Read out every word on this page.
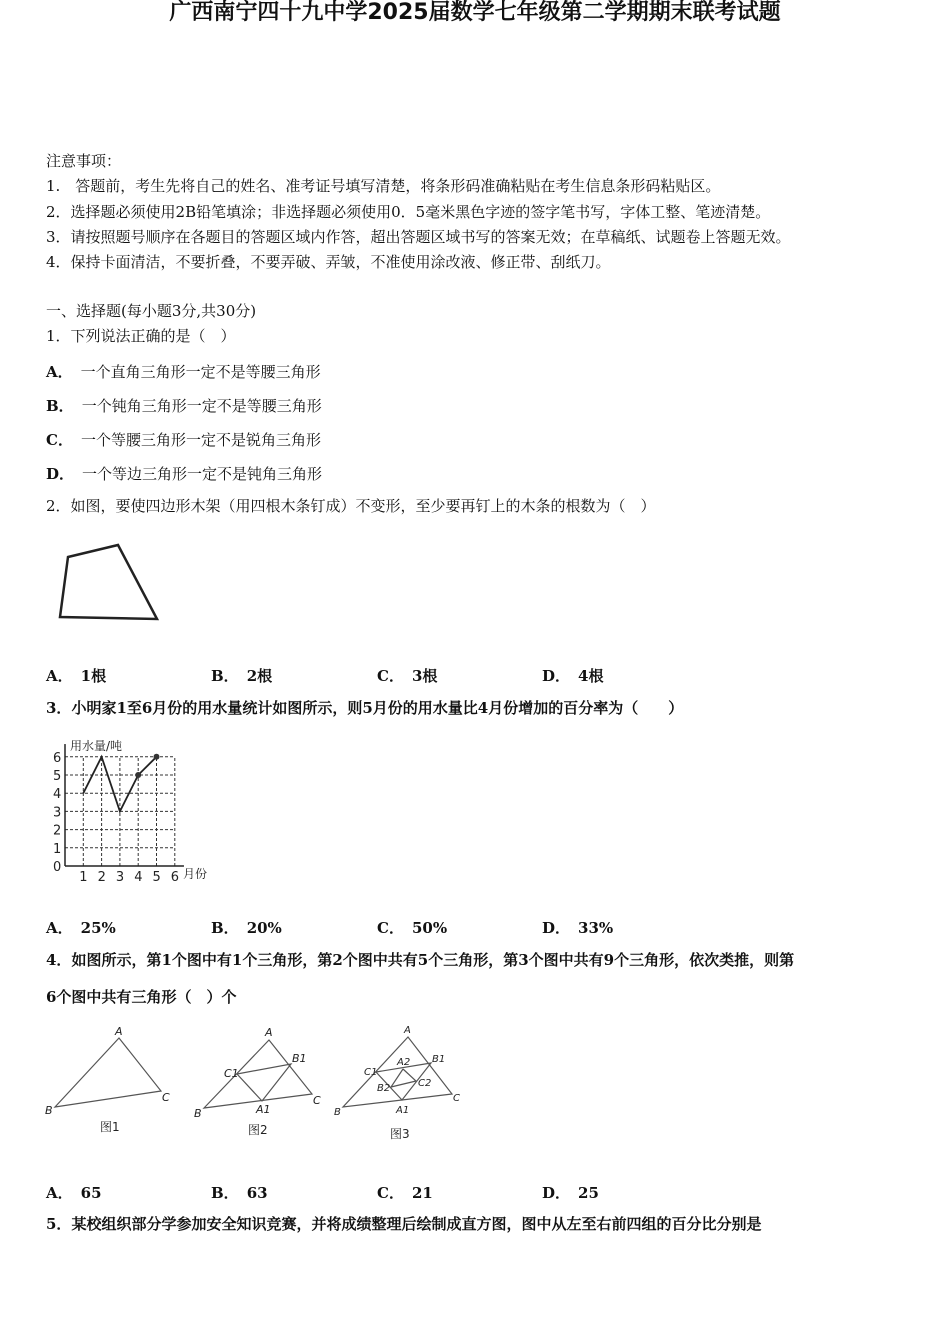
广西南宁四十九中学2025届数学七年级第二学期期末联考试题
注意事项：
1.　答题前，考生先将自己的姓名、准考证号填写清楚，将条形码准确粘贴在考生信息条形码粘贴区。
2．选择题必须使用2B铅笔填涂；非选择题必须使用0．5毫米黑色字迹的签字笔书写，字体工整、笔迹清楚。
3．请按照题号顺序在各题目的答题区域内作答，超出答题区域书写的答案无效；在草稿纸、试题卷上答题无效。
4．保持卡面清洁，不要折叠，不要弄破、弄皱，不准使用涂改液、修正带、刮纸刀。
一、选择题(每小题3分,共30分)
1．下列说法正确的是（　）
A． 一个直角三角形一定不是等腰三角形
B． 一个钝角三角形一定不是等腰三角形
C． 一个等腰三角形一定不是锐角三角形
D． 一个等边三角形一定不是钝角三角形
2．如图，要使四边形木架（用四根木条钉成）不变形，至少要再钉上的木条的根数为（　）
A． 1根	B． 2根	C． 3根	D． 4根
3．小明家1至6月份的用水量统计如图所示，则5月份的用水量比4月份增加的百分率为（　　）
用水量/吨
月份
0
1
2
3
4
5
6
1 2 3 4 5 6
A． 25%	B． 20%	C． 50%	D． 33%
4．如图所示，第1个图中有1个三角形，第2个图中共有5个三角形，第3个图中共有9个三角形，依次类推，则第
6个图中共有三角形（　）个
A
B
C
图1
A
B
C
B1
C1
A1
图2
A
B
C
B1
C1
A1
A2
B2	C2
图3
A． 65	B． 63	C． 21	D． 25
5．某校组织部分学参加安全知识竞赛，并将成绩整理后绘制成直方图，图中从左至右前四组的百分比分别是
